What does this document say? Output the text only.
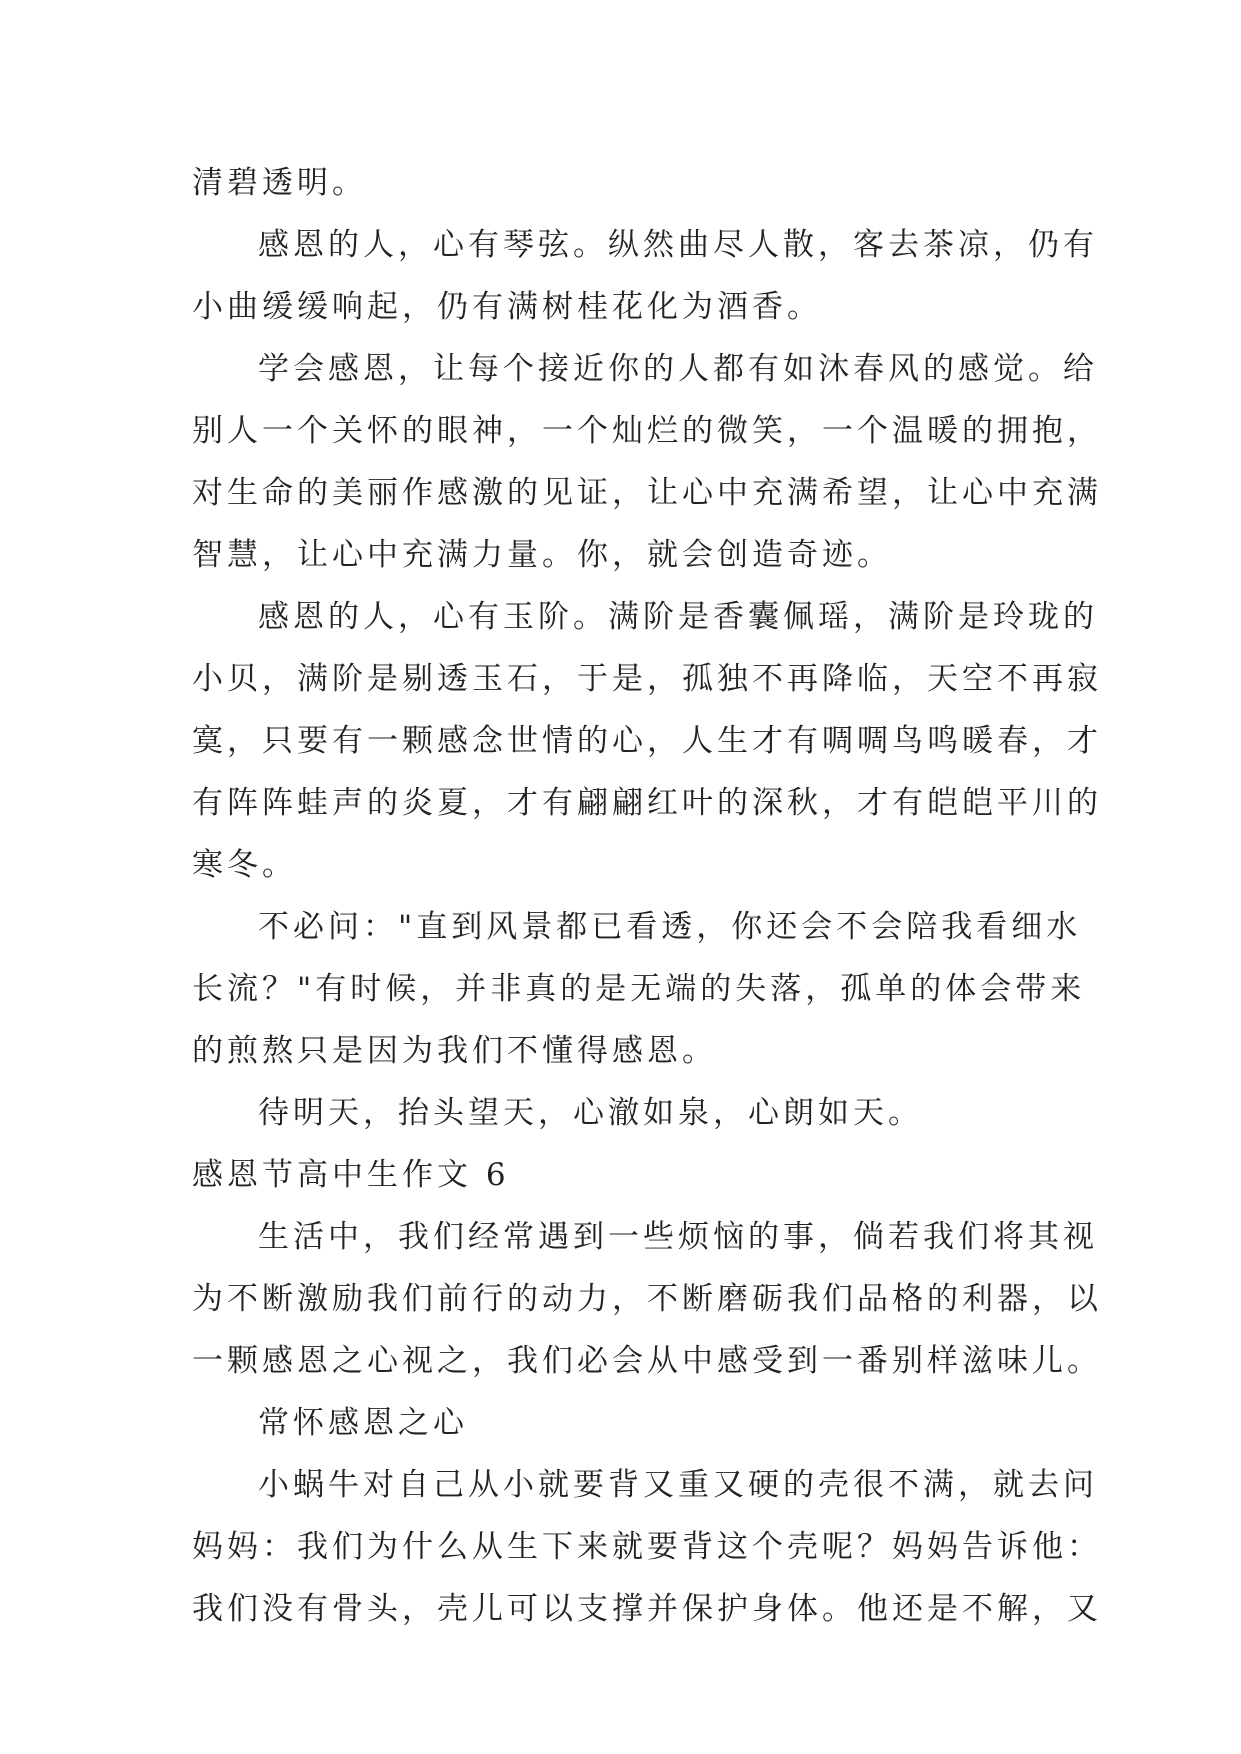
清碧透明。
感恩的人，心有琴弦。纵然曲尽人散，客去茶凉，仍有
小曲缓缓响起，仍有满树桂花化为酒香。
学会感恩，让每个接近你的人都有如沐春风的感觉。给
别人一个关怀的眼神，一个灿烂的微笑，一个温暖的拥抱，
对生命的美丽作感激的见证，让心中充满希望，让心中充满
智慧，让心中充满力量。你，就会创造奇迹。
感恩的人，心有玉阶。满阶是香囊佩瑶，满阶是玲珑的
小贝，满阶是剔透玉石，于是，孤独不再降临，天空不再寂
寞，只要有一颗感念世情的心，人生才有啁啁鸟鸣暖春，才
有阵阵蛙声的炎夏，才有翩翩红叶的深秋，才有皑皑平川的
寒冬。
不必问："直到风景都已看透，你还会不会陪我看细水
长流？"有时候，并非真的是无端的失落，孤单的体会带来
的煎熬只是因为我们不懂得感恩。
待明天，抬头望天，心澈如泉，心朗如天。
感恩节高中生作文 6
生活中，我们经常遇到一些烦恼的事，倘若我们将其视
为不断激励我们前行的动力，不断磨砺我们品格的利器，以
一颗感恩之心视之，我们必会从中感受到一番别样滋味儿。
常怀感恩之心
小蜗牛对自己从小就要背又重又硬的壳很不满，就去问
妈妈：我们为什么从生下来就要背这个壳呢？妈妈告诉他：
我们没有骨头，壳儿可以支撑并保护身体。他还是不解，又
